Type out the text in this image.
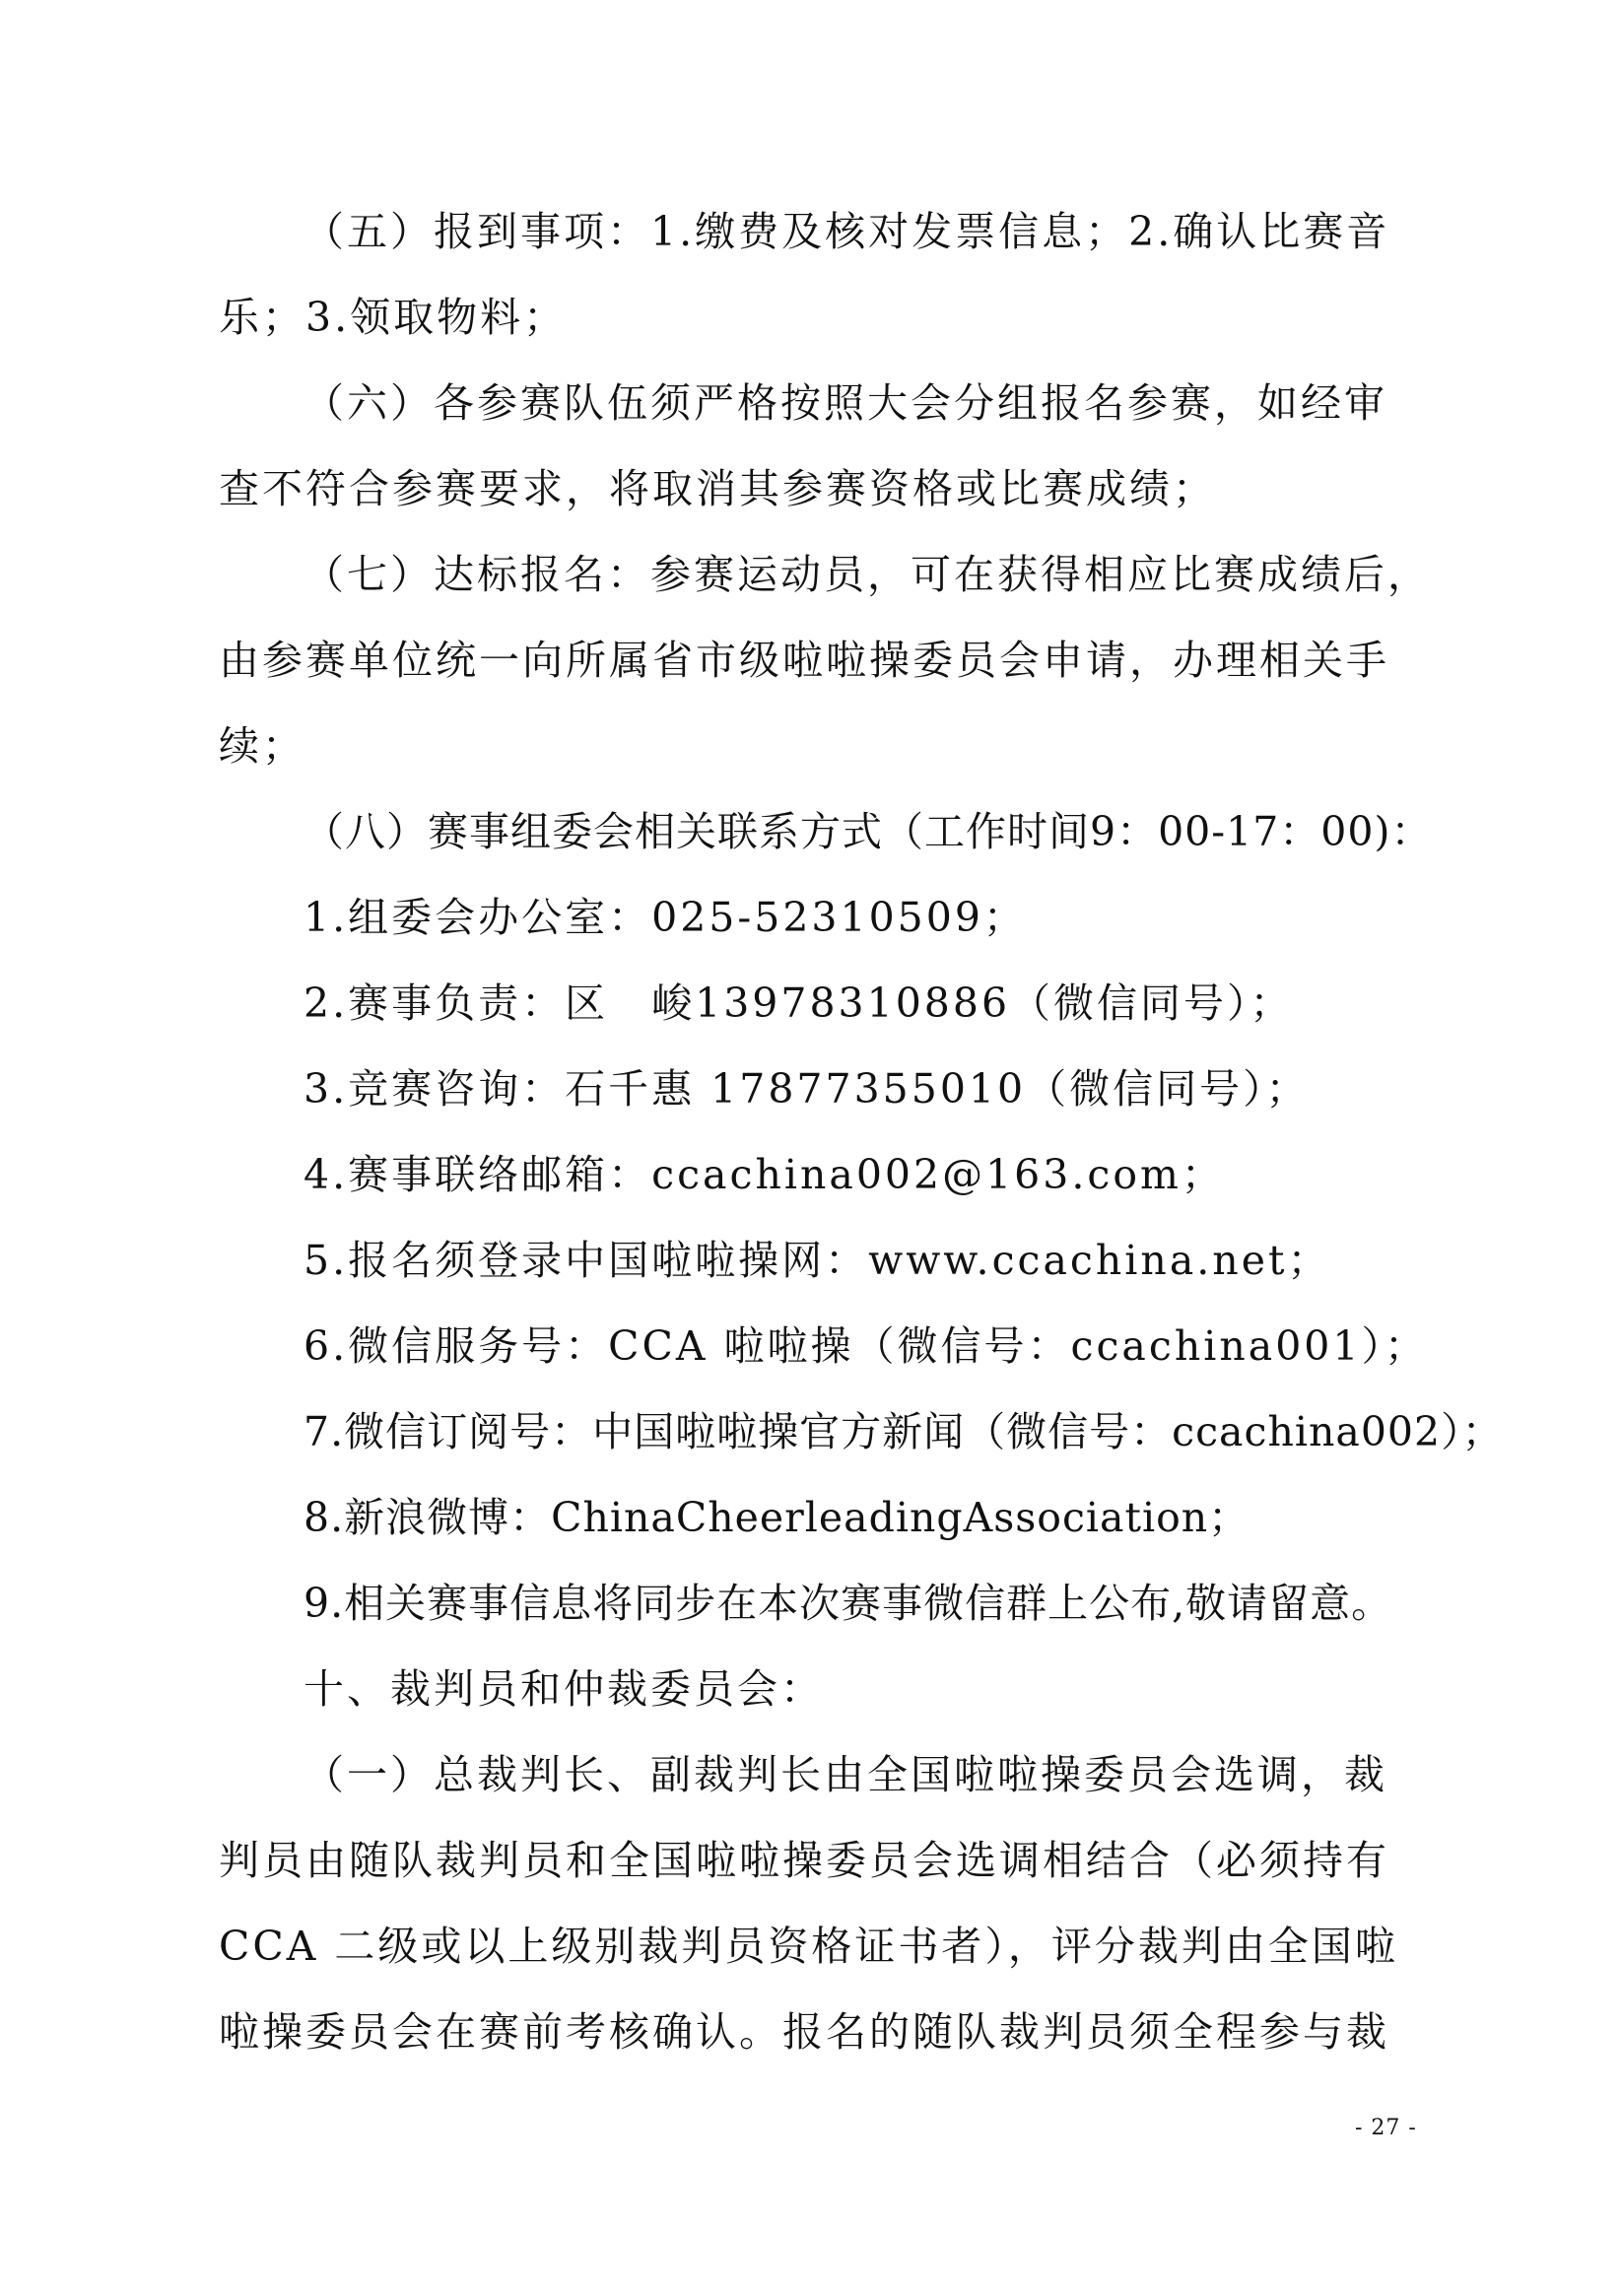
（五）报到事项：1.缴费及核对发票信息；2.确认比赛音
乐；3.领取物料；
（六）各参赛队伍须严格按照大会分组报名参赛，如经审
查不符合参赛要求，将取消其参赛资格或比赛成绩；
（七）达标报名：参赛运动员，可在获得相应比赛成绩后，
由参赛单位统一向所属省市级啦啦操委员会申请，办理相关手
续；
（八）赛事组委会相关联系方式（工作时间9：00-17：00)：
1.组委会办公室：025-52310509；
2.赛事负责：区　峻13978310886（微信同号）；
3.竞赛咨询：石千惠 17877355010（微信同号）；
4.赛事联络邮箱：ccachina002@163.com；
5.报名须登录中国啦啦操网：www.ccachina.net；
6.微信服务号：CCA 啦啦操（微信号：ccachina001）；
7.微信订阅号：中国啦啦操官方新闻（微信号：ccachina002）；
8.新浪微博：ChinaCheerleadingAssociation；
9.相关赛事信息将同步在本次赛事微信群上公布,敬请留意。
十、裁判员和仲裁委员会：
（一）总裁判长、副裁判长由全国啦啦操委员会选调，裁
判员由随队裁判员和全国啦啦操委员会选调相结合（必须持有
CCA 二级或以上级别裁判员资格证书者），评分裁判由全国啦
啦操委员会在赛前考核确认。报名的随队裁判员须全程参与裁
- 27 -
